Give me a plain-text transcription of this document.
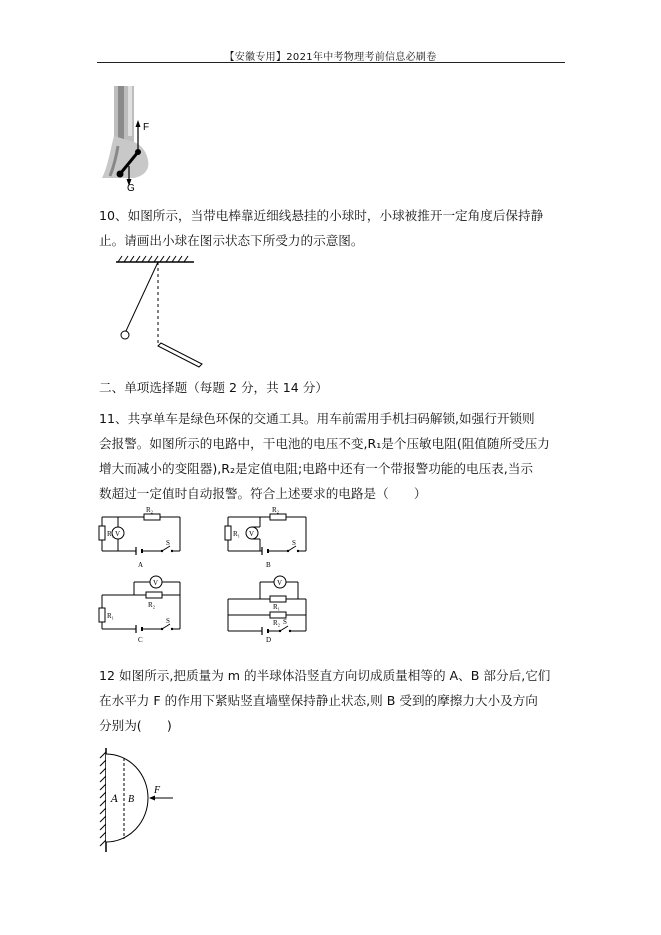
【安徽专用】2021年中考物理考前信息必刷卷
F
G
10、如图所示，当带电棒靠近细线悬挂的小球时，小球被推开一定角度后保持静
止。请画出小球在图示状态下所受力的示意图。
二、单项选择题（每题 2 分，共 14 分）
11、共享单车是绿色环保的交通工具。用车前需用手机扫码解锁,如强行开锁则
会报警。如图所示的电路中，干电池的电压不变,R₁是个压敏电阻(阻值随所受压力
增大而减小的变阻器),R₂是定值电阻;电路中还有一个带报警功能的电压表,当示
数超过一定值时自动报警。符合上述要求的电路是（　　）
R₂
R₁ V
S
A
R₂
R₁ V
S
B
V
R₂
R₁
S
C
V
R₁
R₂ S
D
12 如图所示,把质量为 m 的半球体沿竖直方向切成质量相等的 A、B 部分后,它们
在水平力 F 的作用下紧贴竖直墙壁保持静止状态,则 B 受到的摩擦力大小及方向
分别为(　　)
A B
F
